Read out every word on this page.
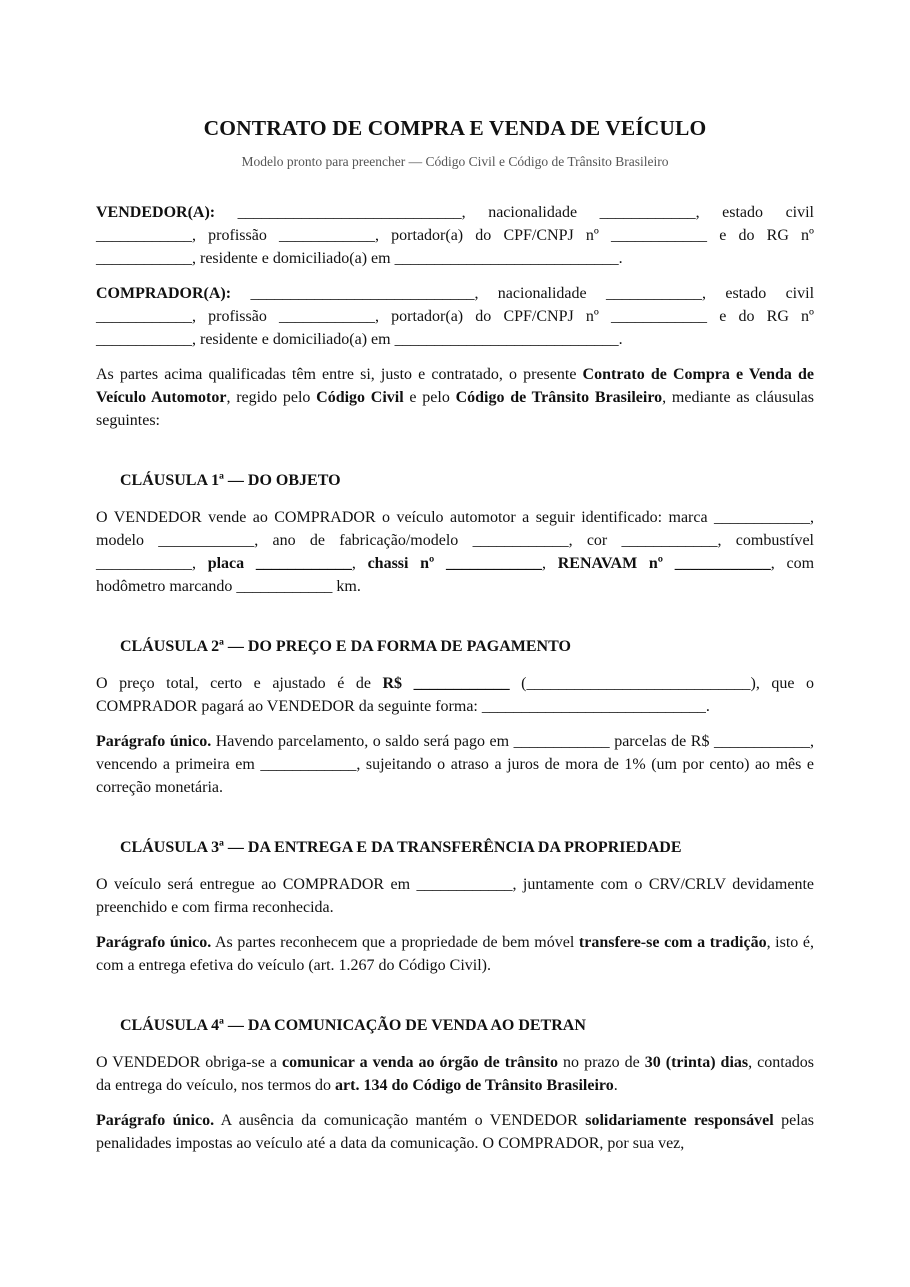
CONTRATO DE COMPRA E VENDA DE VEÍCULO
Modelo pronto para preencher — Código Civil e Código de Trânsito Brasileiro

VENDEDOR(A): ____________________________, nacionalidade ____________, estado civil ____________, profissão ____________, portador(a) do CPF/CNPJ nº ____________ e do RG nº ____________, residente e domiciliado(a) em ____________________________.

COMPRADOR(A): ____________________________, nacionalidade ____________, estado civil ____________, profissão ____________, portador(a) do CPF/CNPJ nº ____________ e do RG nº ____________, residente e domiciliado(a) em ____________________________.

As partes acima qualificadas têm entre si, justo e contratado, o presente Contrato de Compra e Venda de Veículo Automotor, regido pelo Código Civil e pelo Código de Trânsito Brasileiro, mediante as cláusulas seguintes:

CLÁUSULA 1ª — DO OBJETO

O VENDEDOR vende ao COMPRADOR o veículo automotor a seguir identificado: marca ____________, modelo ____________, ano de fabricação/modelo ____________, cor ____________, combustível ____________, placa ____________, chassi nº ____________, RENAVAM nº ____________, com hodômetro marcando ____________ km.

CLÁUSULA 2ª — DO PREÇO E DA FORMA DE PAGAMENTO

O preço total, certo e ajustado é de R$ ____________ (____________________________), que o COMPRADOR pagará ao VENDEDOR da seguinte forma: ____________________________.

Parágrafo único. Havendo parcelamento, o saldo será pago em ____________ parcelas de R$ ____________, vencendo a primeira em ____________, sujeitando o atraso a juros de mora de 1% (um por cento) ao mês e correção monetária.

CLÁUSULA 3ª — DA ENTREGA E DA TRANSFERÊNCIA DA PROPRIEDADE

O veículo será entregue ao COMPRADOR em ____________, juntamente com o CRV/CRLV devidamente preenchido e com firma reconhecida.

Parágrafo único. As partes reconhecem que a propriedade de bem móvel transfere-se com a tradição, isto é, com a entrega efetiva do veículo (art. 1.267 do Código Civil).

CLÁUSULA 4ª — DA COMUNICAÇÃO DE VENDA AO DETRAN

O VENDEDOR obriga-se a comunicar a venda ao órgão de trânsito no prazo de 30 (trinta) dias, contados da entrega do veículo, nos termos do art. 134 do Código de Trânsito Brasileiro.

Parágrafo único. A ausência da comunicação mantém o VENDEDOR solidariamente responsável pelas penalidades impostas ao veículo até a data da comunicação. O COMPRADOR, por sua vez,
